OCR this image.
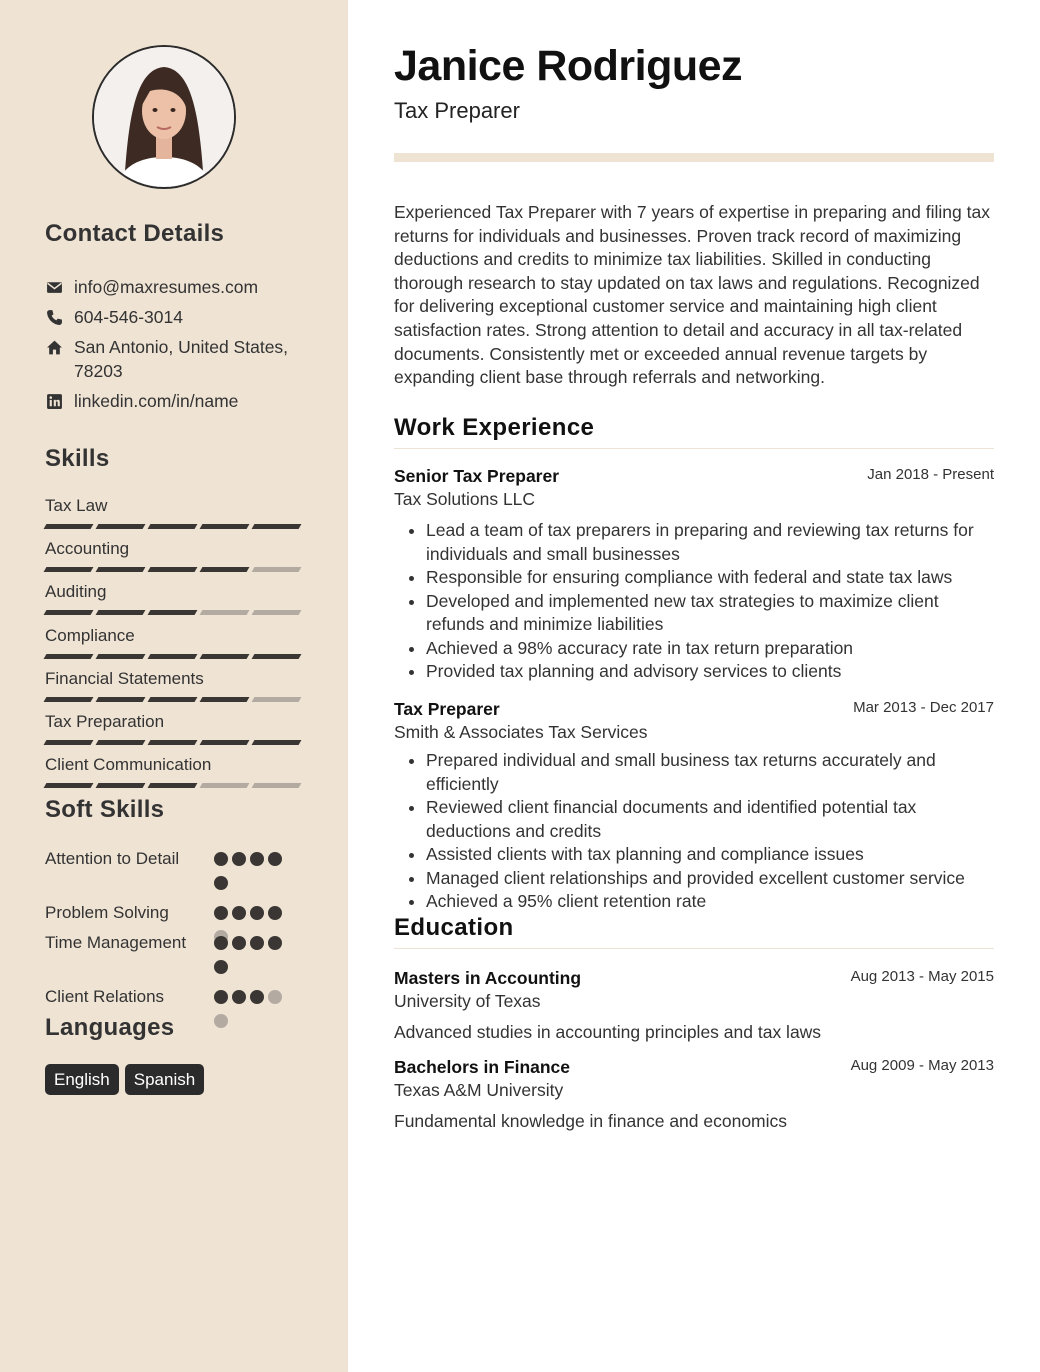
Contact Details
info@maxresumes.com
604-546-3014
San Antonio, United States, 78203
linkedin.com/in/name
Skills
Tax Law
Accounting
Auditing
Compliance
Financial Statements
Tax Preparation
Client Communication
Soft Skills
Attention to Detail
Problem Solving
Time Management
Client Relations
Languages
English	Spanish
Janice Rodriguez
Tax Preparer

Experienced Tax Preparer with 7 years of expertise in preparing and filing tax returns for individuals and businesses. Proven track record of maximizing deductions and credits to minimize tax liabilities. Skilled in conducting thorough research to stay updated on tax laws and regulations. Recognized for delivering exceptional customer service and maintaining high client satisfaction rates. Strong attention to detail and accuracy in all tax-related documents. Consistently met or exceeded annual revenue targets by expanding client base through referrals and networking.

Work Experience
Senior Tax Preparer	Jan 2018 - Present
Tax Solutions LLC
• Lead a team of tax preparers in preparing and reviewing tax returns for individuals and small businesses
• Responsible for ensuring compliance with federal and state tax laws
• Developed and implemented new tax strategies to maximize client refunds and minimize liabilities
• Achieved a 98% accuracy rate in tax return preparation
• Provided tax planning and advisory services to clients
Tax Preparer	Mar 2013 - Dec 2017
Smith & Associates Tax Services
• Prepared individual and small business tax returns accurately and efficiently
• Reviewed client financial documents and identified potential tax deductions and credits
• Assisted clients with tax planning and compliance issues
• Managed client relationships and provided excellent customer service
• Achieved a 95% client retention rate
Education
Masters in Accounting	Aug 2013 - May 2015
University of Texas
Advanced studies in accounting principles and tax laws
Bachelors in Finance	Aug 2009 - May 2013
Texas A&M University
Fundamental knowledge in finance and economics
